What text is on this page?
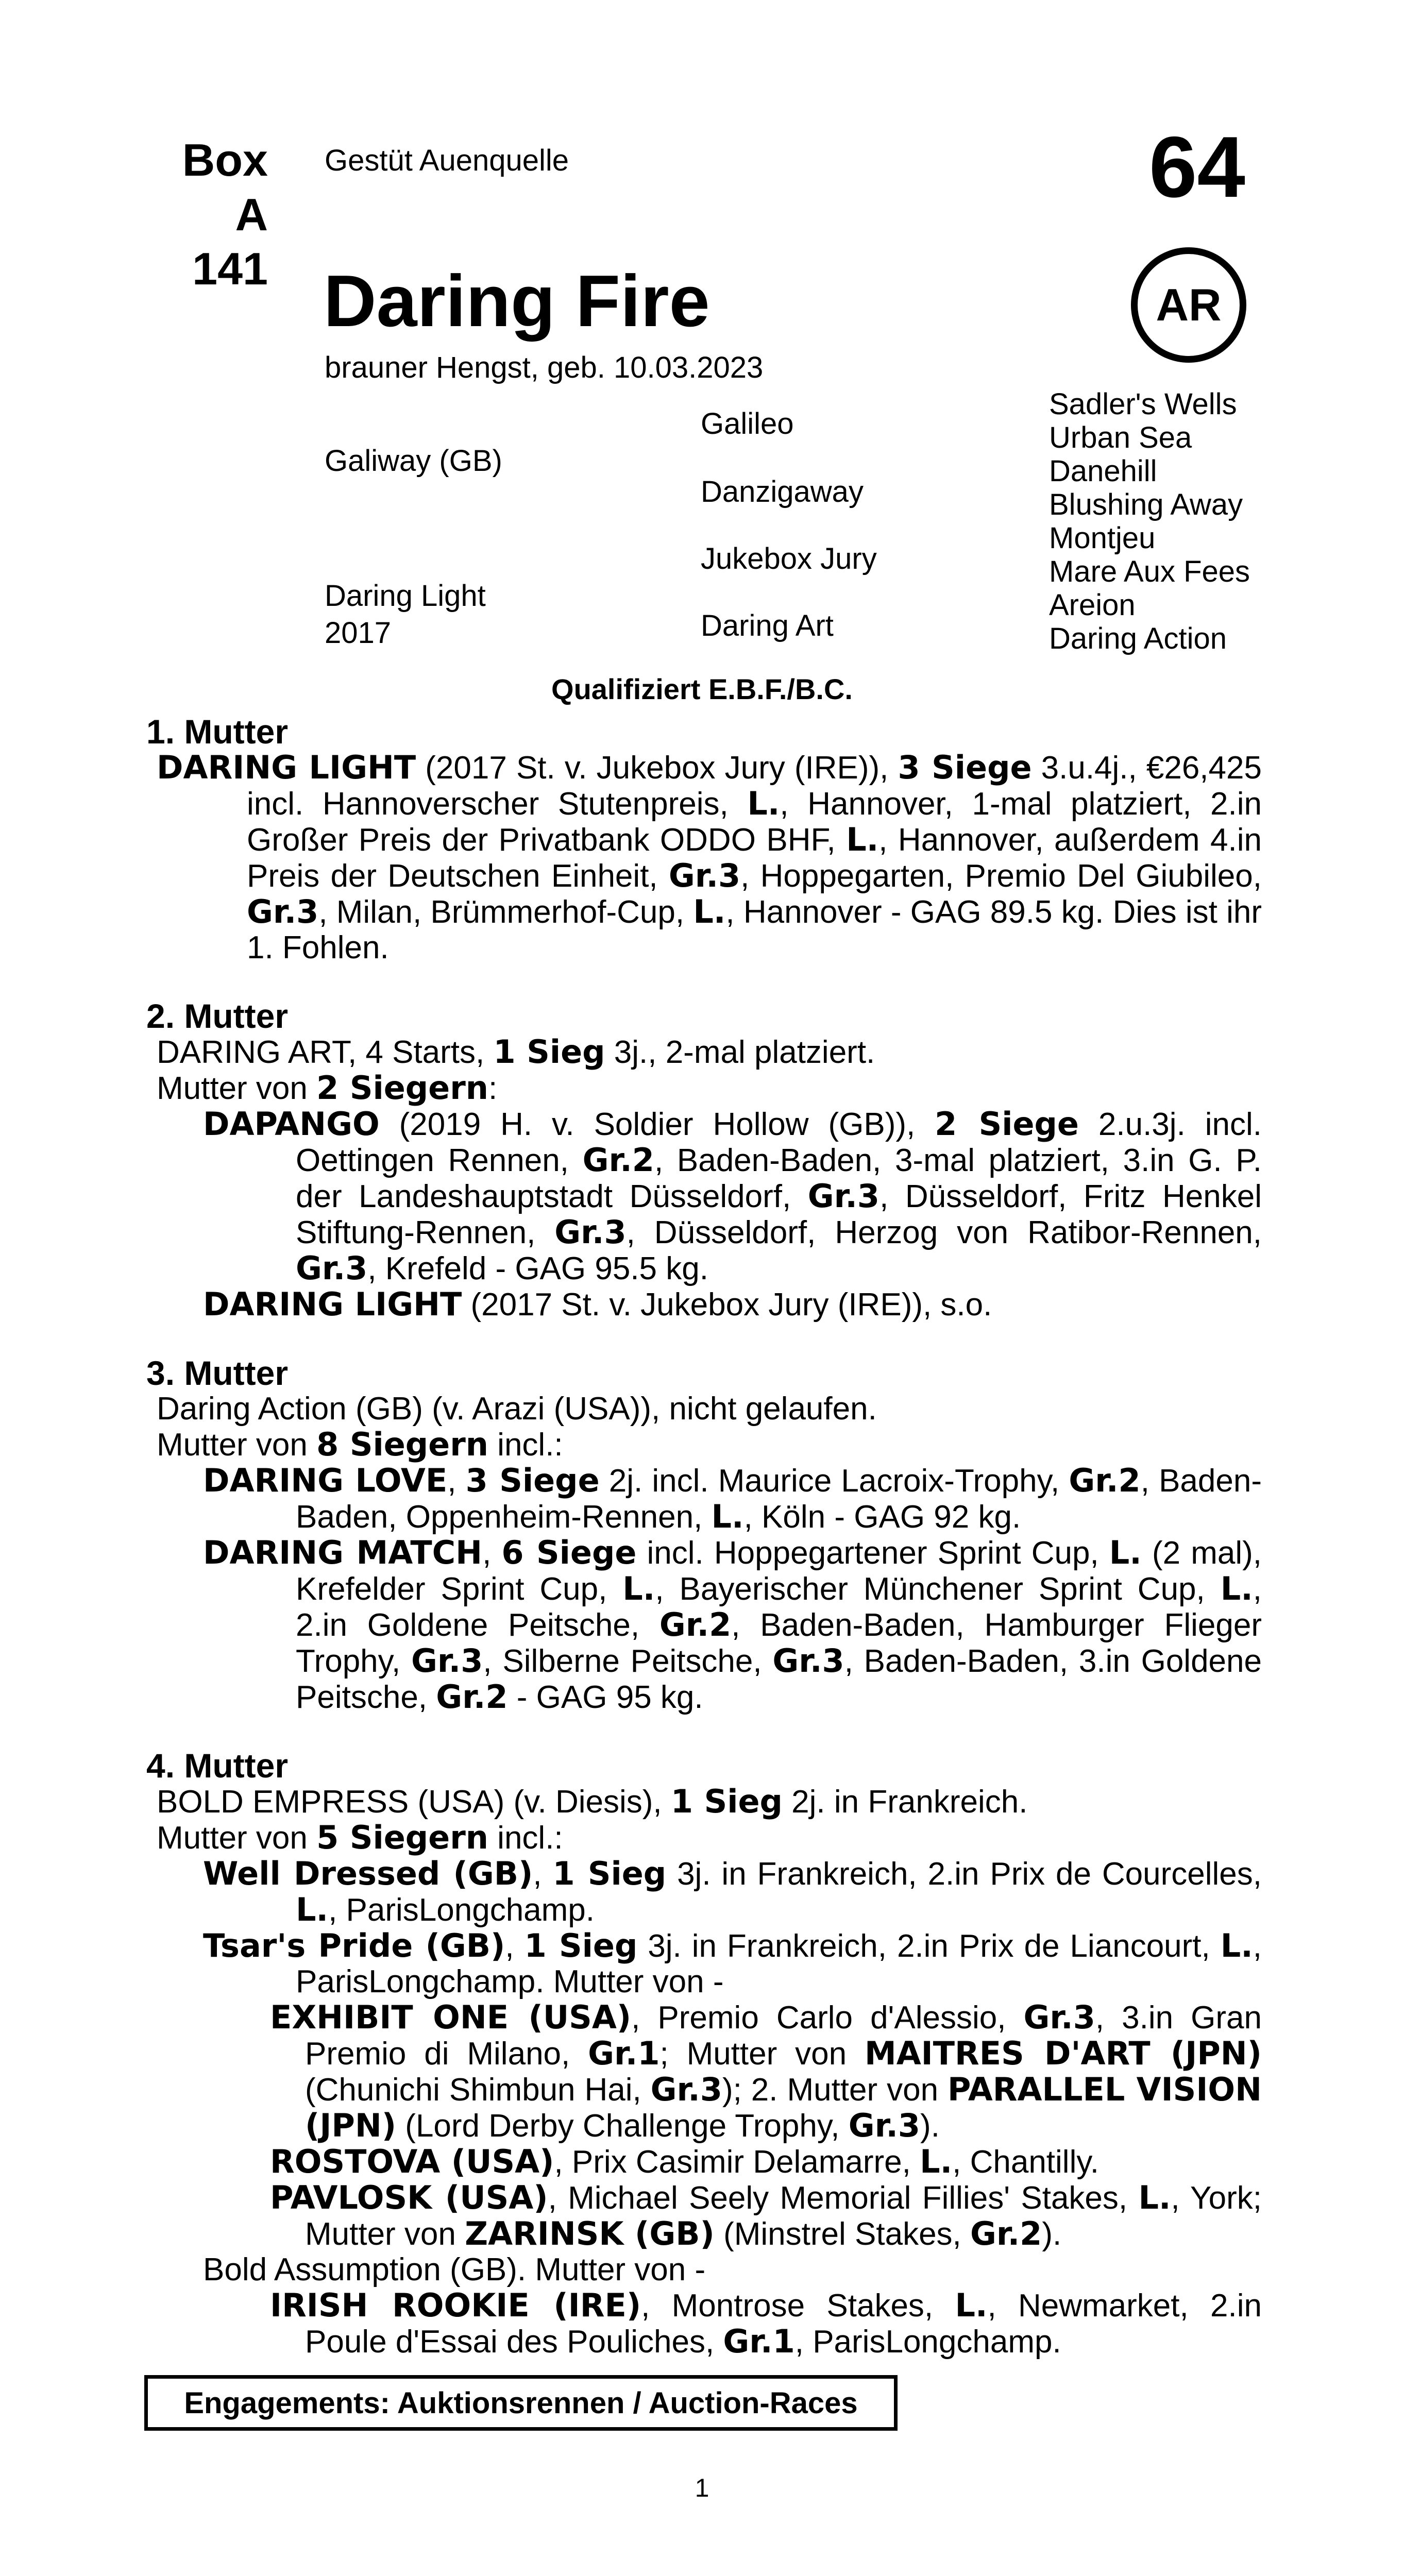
Box
A 141
Gestüt Auenquelle	64
AR
Daring Fire
brauner Hengst, geb. 10.03.2023
Galiway (GB)
Daring Light
2017
Galileo
Danzigaway
Jukebox Jury
Daring Art
Sadler's Wells
Urban Sea
Danehill
Blushing Away
Montjeu
Mare Aux Fees
Areion
Daring Action
Qualifiziert E.B.F./B.C.
1. Mutter
DARING LIGHT (2017 St. v. Jukebox Jury (IRE)), 3 Siege 3.u.4j., €26,425 incl. Hannoverscher Stutenpreis, L., Hannover, 1-mal platziert, 2.in Großer Preis der Privatbank ODDO BHF, L., Hannover, außerdem 4.in Preis der Deutschen Einheit, Gr.3, Hoppegarten, Premio Del Giubileo, Gr.3, Milan, Brümmerhof-Cup, L., Hannover - GAG 89.5 kg. Dies ist ihr 1. Fohlen.
2. Mutter
DARING ART, 4 Starts, 1 Sieg 3j., 2-mal platziert.
Mutter von 2 Siegern:
DAPANGO (2019 H. v. Soldier Hollow (GB)), 2 Siege 2.u.3j. incl. Oettingen Rennen, Gr.2, Baden-Baden, 3-mal platziert, 3.in G. P. der Landeshauptstadt Düsseldorf, Gr.3, Düsseldorf, Fritz Henkel Stiftung-Rennen, Gr.3, Düsseldorf, Herzog von Ratibor-Rennen, Gr.3, Krefeld - GAG 95.5 kg.
DARING LIGHT (2017 St. v. Jukebox Jury (IRE)), s.o.
3. Mutter
Daring Action (GB) (v. Arazi (USA)), nicht gelaufen.
Mutter von 8 Siegern incl.:
DARING LOVE, 3 Siege 2j. incl. Maurice Lacroix-Trophy, Gr.2, Baden-Baden, Oppenheim-Rennen, L., Köln - GAG 92 kg.
DARING MATCH, 6 Siege incl. Hoppegartener Sprint Cup, L. (2 mal), Krefelder Sprint Cup, L., Bayerischer Münchener Sprint Cup, L., 2.in Goldene Peitsche, Gr.2, Baden-Baden, Hamburger Flieger Trophy, Gr.3, Silberne Peitsche, Gr.3, Baden-Baden, 3.in Goldene Peitsche, Gr.2 - GAG 95 kg.
4. Mutter
BOLD EMPRESS (USA) (v. Diesis), 1 Sieg 2j. in Frankreich.
Mutter von 5 Siegern incl.:
Well Dressed (GB), 1 Sieg 3j. in Frankreich, 2.in Prix de Courcelles, L., ParisLongchamp.
Tsar's Pride (GB), 1 Sieg 3j. in Frankreich, 2.in Prix de Liancourt, L., ParisLongchamp. Mutter von -
EXHIBIT ONE (USA), Premio Carlo d'Alessio, Gr.3, 3.in Gran Premio di Milano, Gr.1; Mutter von MAITRES D'ART (JPN) (Chunichi Shimbun Hai, Gr.3); 2. Mutter von PARALLEL VISION (JPN) (Lord Derby Challenge Trophy, Gr.3).
ROSTOVA (USA), Prix Casimir Delamarre, L., Chantilly.
PAVLOSK (USA), Michael Seely Memorial Fillies' Stakes, L., York; Mutter von ZARINSK (GB) (Minstrel Stakes, Gr.2).
Bold Assumption (GB). Mutter von -
IRISH ROOKIE (IRE), Montrose Stakes, L., Newmarket, 2.in Poule d'Essai des Pouliches, Gr.1, ParisLongchamp.
Engagements: Auktionsrennen / Auction-Races
1
